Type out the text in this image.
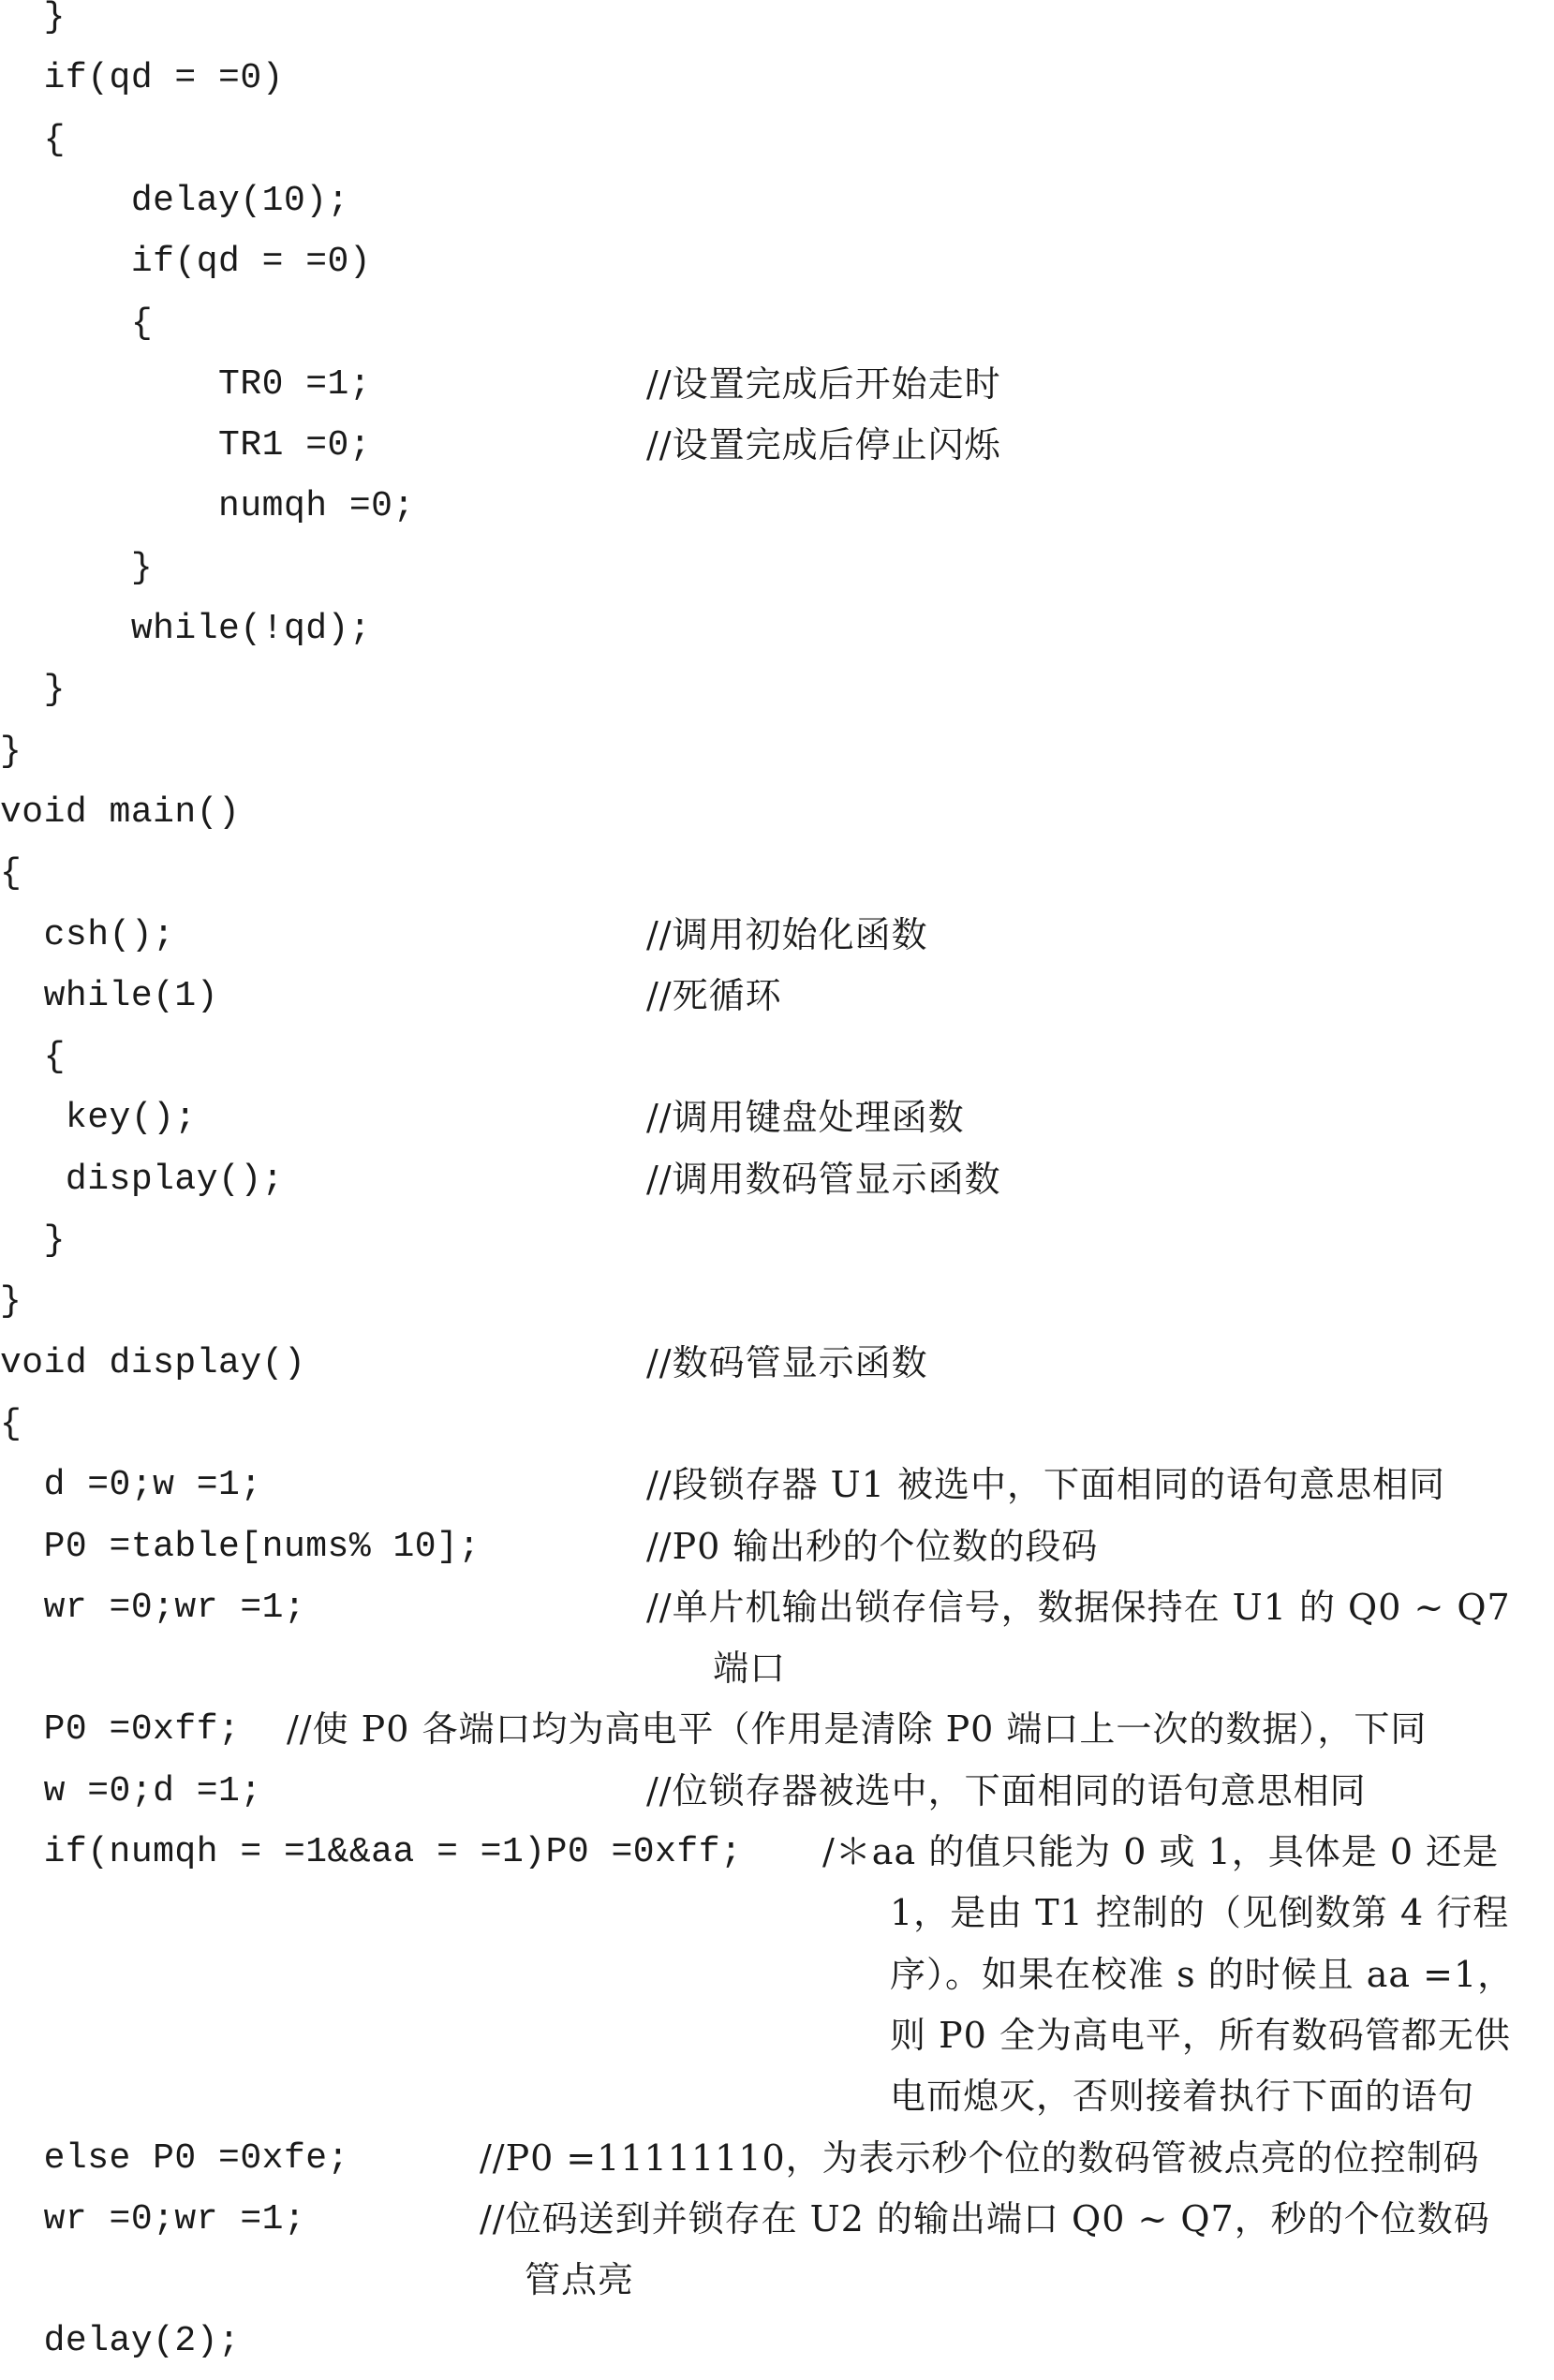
}
if(qd = =0)
{
delay(10);
if(qd = =0)
{
TR0 =1;	//设置完成后开始走时
TR1 =0;	//设置完成后停止闪烁
numqh =0;
}
while(!qd);
}
}
void main()
{
csh();	//调用初始化函数
while(1)	//死循环
{
key();	//调用键盘处理函数
display();	//调用数码管显示函数
}
}
void display()	//数码管显示函数
{
d =0;w =1;	//段锁存器 U1 被选中，下面相同的语句意思相同
P0 =table[nums% 10];	//P0 输出秒的个位数的段码
wr =0;wr =1;	//单片机输出锁存信号，数据保持在 U1 的 Q0 ~ Q7
端口
P0 =0xff; //使 P0 各端口均为高电平（作用是清除 P0 端口上一次的数据），下同
w =0;d =1;	//位锁存器被选中，下面相同的语句意思相同
if(numqh = =1&&aa = =1)P0 =0xff; /＊aa 的值只能为 0 或 1，具体是 0 还是
1，是由 T1 控制的（见倒数第 4 行程
序）。如果在校准 s 的时候且 aa =1，
则 P0 全为高电平，所有数码管都无供
电而熄灭，否则接着执行下面的语句
else P0 =0xfe;	//P0 =11111110，为表示秒个位的数码管被点亮的位控制码
wr =0;wr =1;	//位码送到并锁存在 U2 的输出端口 Q0 ~ Q7，秒的个位数码
管点亮
delay(2);
